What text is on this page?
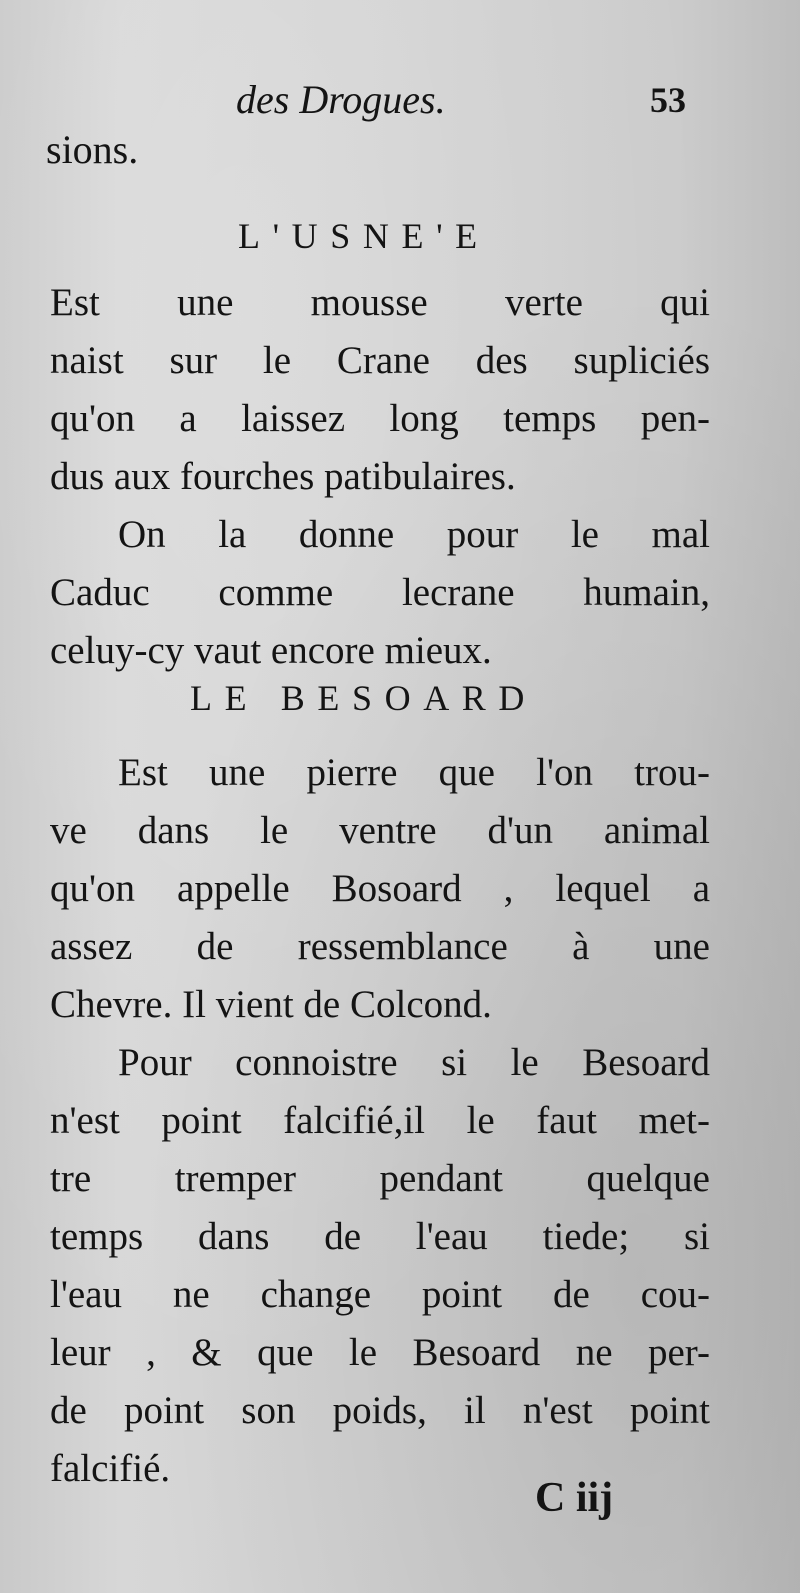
des Drogues.	53
sions.
L'USNE'E
Est une mousse verte qui
naist sur le Crane des supliciés
qu'on a laissez long temps pen-
dus aux fourches patibulaires.
On la donne pour le mal
Caduc comme lecrane humain,
celuy-cy vaut encore mieux.
LE BESOARD
Est une pierre que l'on trou-
ve dans le ventre d'un animal
qu'on appelle Bosoard , lequel a
assez de ressemblance à une
Chevre. Il vient de Colcond.
Pour connoistre si le Besoard
n'est point falcifié,il le faut met-
tre tremper pendant quelque
temps dans de l'eau tiede; si
l'eau ne change point de cou-
leur , & que le Besoard ne per-
de point son poids, il n'est point
falcifié.
C iij
